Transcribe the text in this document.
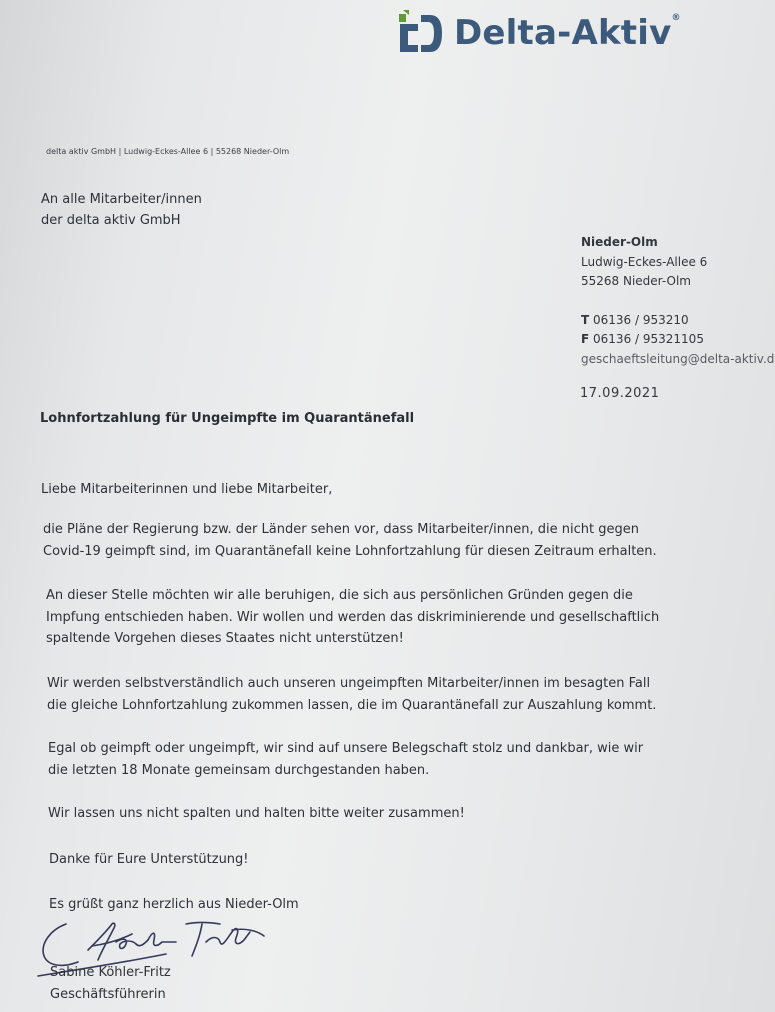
Delta-Aktiv®
delta aktiv GmbH | Ludwig-Eckes-Allee 6 | 55268 Nieder-Olm
An alle Mitarbeiter/innen
der delta aktiv GmbH
Nieder-Olm
Ludwig-Eckes-Allee 6
55268 Nieder-Olm
T 06136 / 953210
F 06136 / 95321105
geschaeftsleitung@delta-aktiv.d
17.09.2021
Lohnfortzahlung für Ungeimpfte im Quarantänefall
Liebe Mitarbeiterinnen und liebe Mitarbeiter,
die Pläne der Regierung bzw. der Länder sehen vor, dass Mitarbeiter/innen, die nicht gegen
Covid-19 geimpft sind, im Quarantänefall keine Lohnfortzahlung für diesen Zeitraum erhalten.
An dieser Stelle möchten wir alle beruhigen, die sich aus persönlichen Gründen gegen die
Impfung entschieden haben. Wir wollen und werden das diskriminierende und gesellschaftlich
spaltende Vorgehen dieses Staates nicht unterstützen!
Wir werden selbstverständlich auch unseren ungeimpften Mitarbeiter/innen im besagten Fall
die gleiche Lohnfortzahlung zukommen lassen, die im Quarantänefall zur Auszahlung kommt.
Egal ob geimpft oder ungeimpft, wir sind auf unsere Belegschaft stolz und dankbar, wie wir
die letzten 18 Monate gemeinsam durchgestanden haben.
Wir lassen uns nicht spalten und halten bitte weiter zusammen!
Danke für Eure Unterstützung!
Es grüßt ganz herzlich aus Nieder-Olm
Sabine Köhler-Fritz
Geschäftsführerin
